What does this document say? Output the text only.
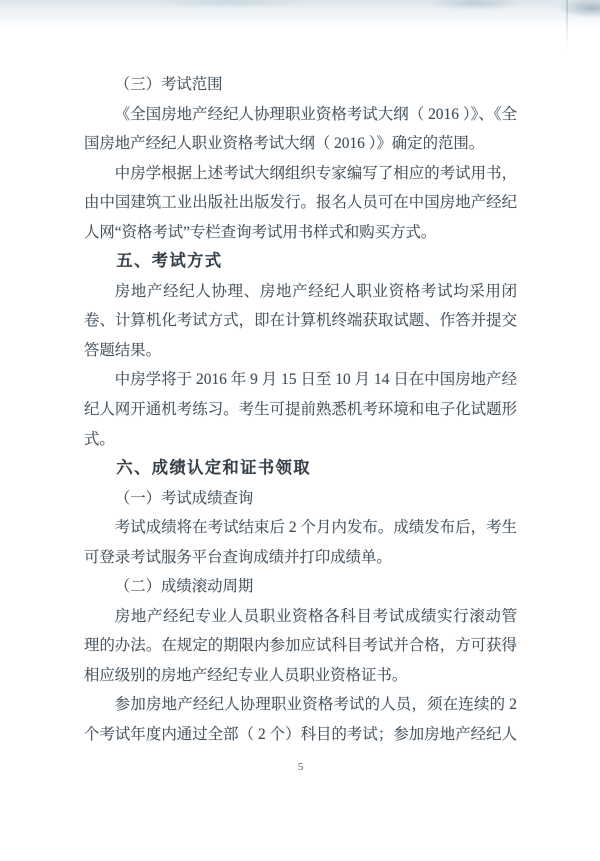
（三）考试范围
《全国房地产经纪人协理职业资格考试大纲（ 2016 ）》、《全
国房地产经纪人职业资格考试大纲（ 2016 ）》确定的范围。
中房学根据上述考试大纲组织专家编写了相应的考试用书，
由中国建筑工业出版社出版发行。报名人员可在中国房地产经纪
人网“资格考试”专栏查询考试用书样式和购买方式。
五、考试方式
房地产经纪人协理、房地产经纪人职业资格考试均采用闭
卷、计算机化考试方式，即在计算机终端获取试题、作答并提交
答题结果。
中房学将于 2016 年 9 月 15 日至 10 月 14 日在中国房地产经
纪人网开通机考练习。考生可提前熟悉机考环境和电子化试题形
式。
六、成绩认定和证书领取
（一）考试成绩查询
考试成绩将在考试结束后 2 个月内发布。成绩发布后，考生
可登录考试服务平台查询成绩并打印成绩单。
（二）成绩滚动周期
房地产经纪专业人员职业资格各科目考试成绩实行滚动管
理的办法。在规定的期限内参加应试科目考试并合格，方可获得
相应级别的房地产经纪专业人员职业资格证书。
参加房地产经纪人协理职业资格考试的人员，须在连续的 2
个考试年度内通过全部（ 2 个）科目的考试；参加房地产经纪人
5
